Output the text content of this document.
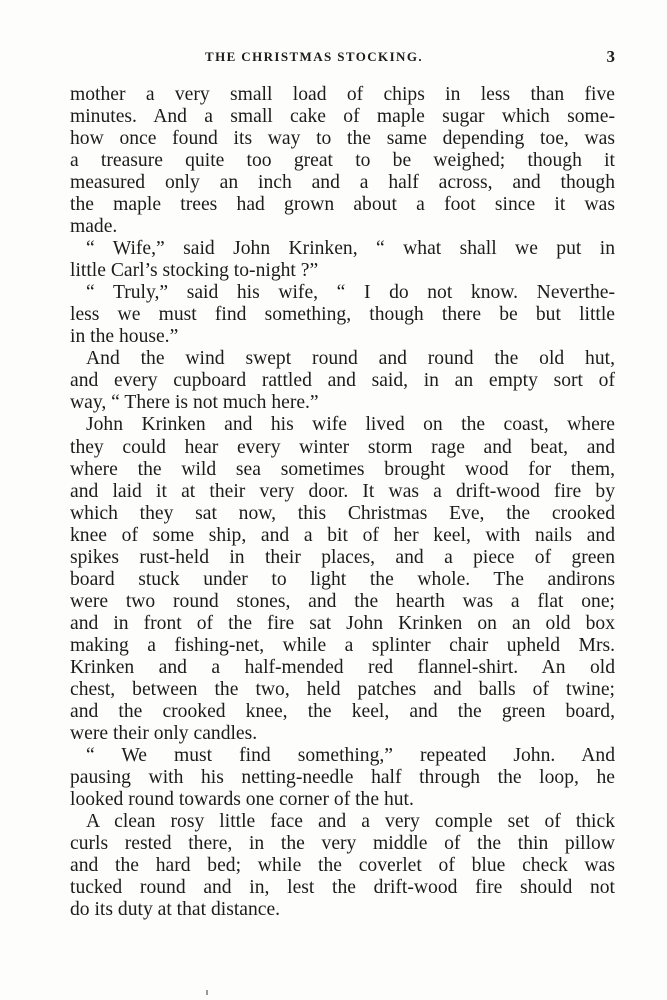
THE CHRISTMAS STOCKING.	3
mother a very small load of chips in less than five
minutes. And a small cake of maple sugar which some-
how once found its way to the same depending toe, was
a treasure quite too great to be weighed; though it
measured only an inch and a half across, and though
the maple trees had grown about a foot since it was
made.
“ Wife,” said John Krinken, “ what shall we put in
little Carl’s stocking to-night ?”
“ Truly,” said his wife, “ I do not know. Neverthe-
less we must find something, though there be but little
in the house.”
And the wind swept round and round the old hut,
and every cupboard rattled and said, in an empty sort of
way, “ There is not much here.”
John Krinken and his wife lived on the coast, where
they could hear every winter storm rage and beat, and
where the wild sea sometimes brought wood for them,
and laid it at their very door. It was a drift-wood fire by
which they sat now, this Christmas Eve, the crooked
knee of some ship, and a bit of her keel, with nails and
spikes rust-held in their places, and a piece of green
board stuck under to light the whole. The andirons
were two round stones, and the hearth was a flat one;
and in front of the fire sat John Krinken on an old box
making a fishing-net, while a splinter chair upheld Mrs.
Krinken and a half-mended red flannel-shirt. An old
chest, between the two, held patches and balls of twine;
and the crooked knee, the keel, and the green board,
were their only candles.
“ We must find something,” repeated John. And
pausing with his netting-needle half through the loop, he
looked round towards one corner of the hut.
A clean rosy little face and a very comple set of thick
curls rested there, in the very middle of the thin pillow
and the hard bed; while the coverlet of blue check was
tucked round and in, lest the drift-wood fire should not
do its duty at that distance.
